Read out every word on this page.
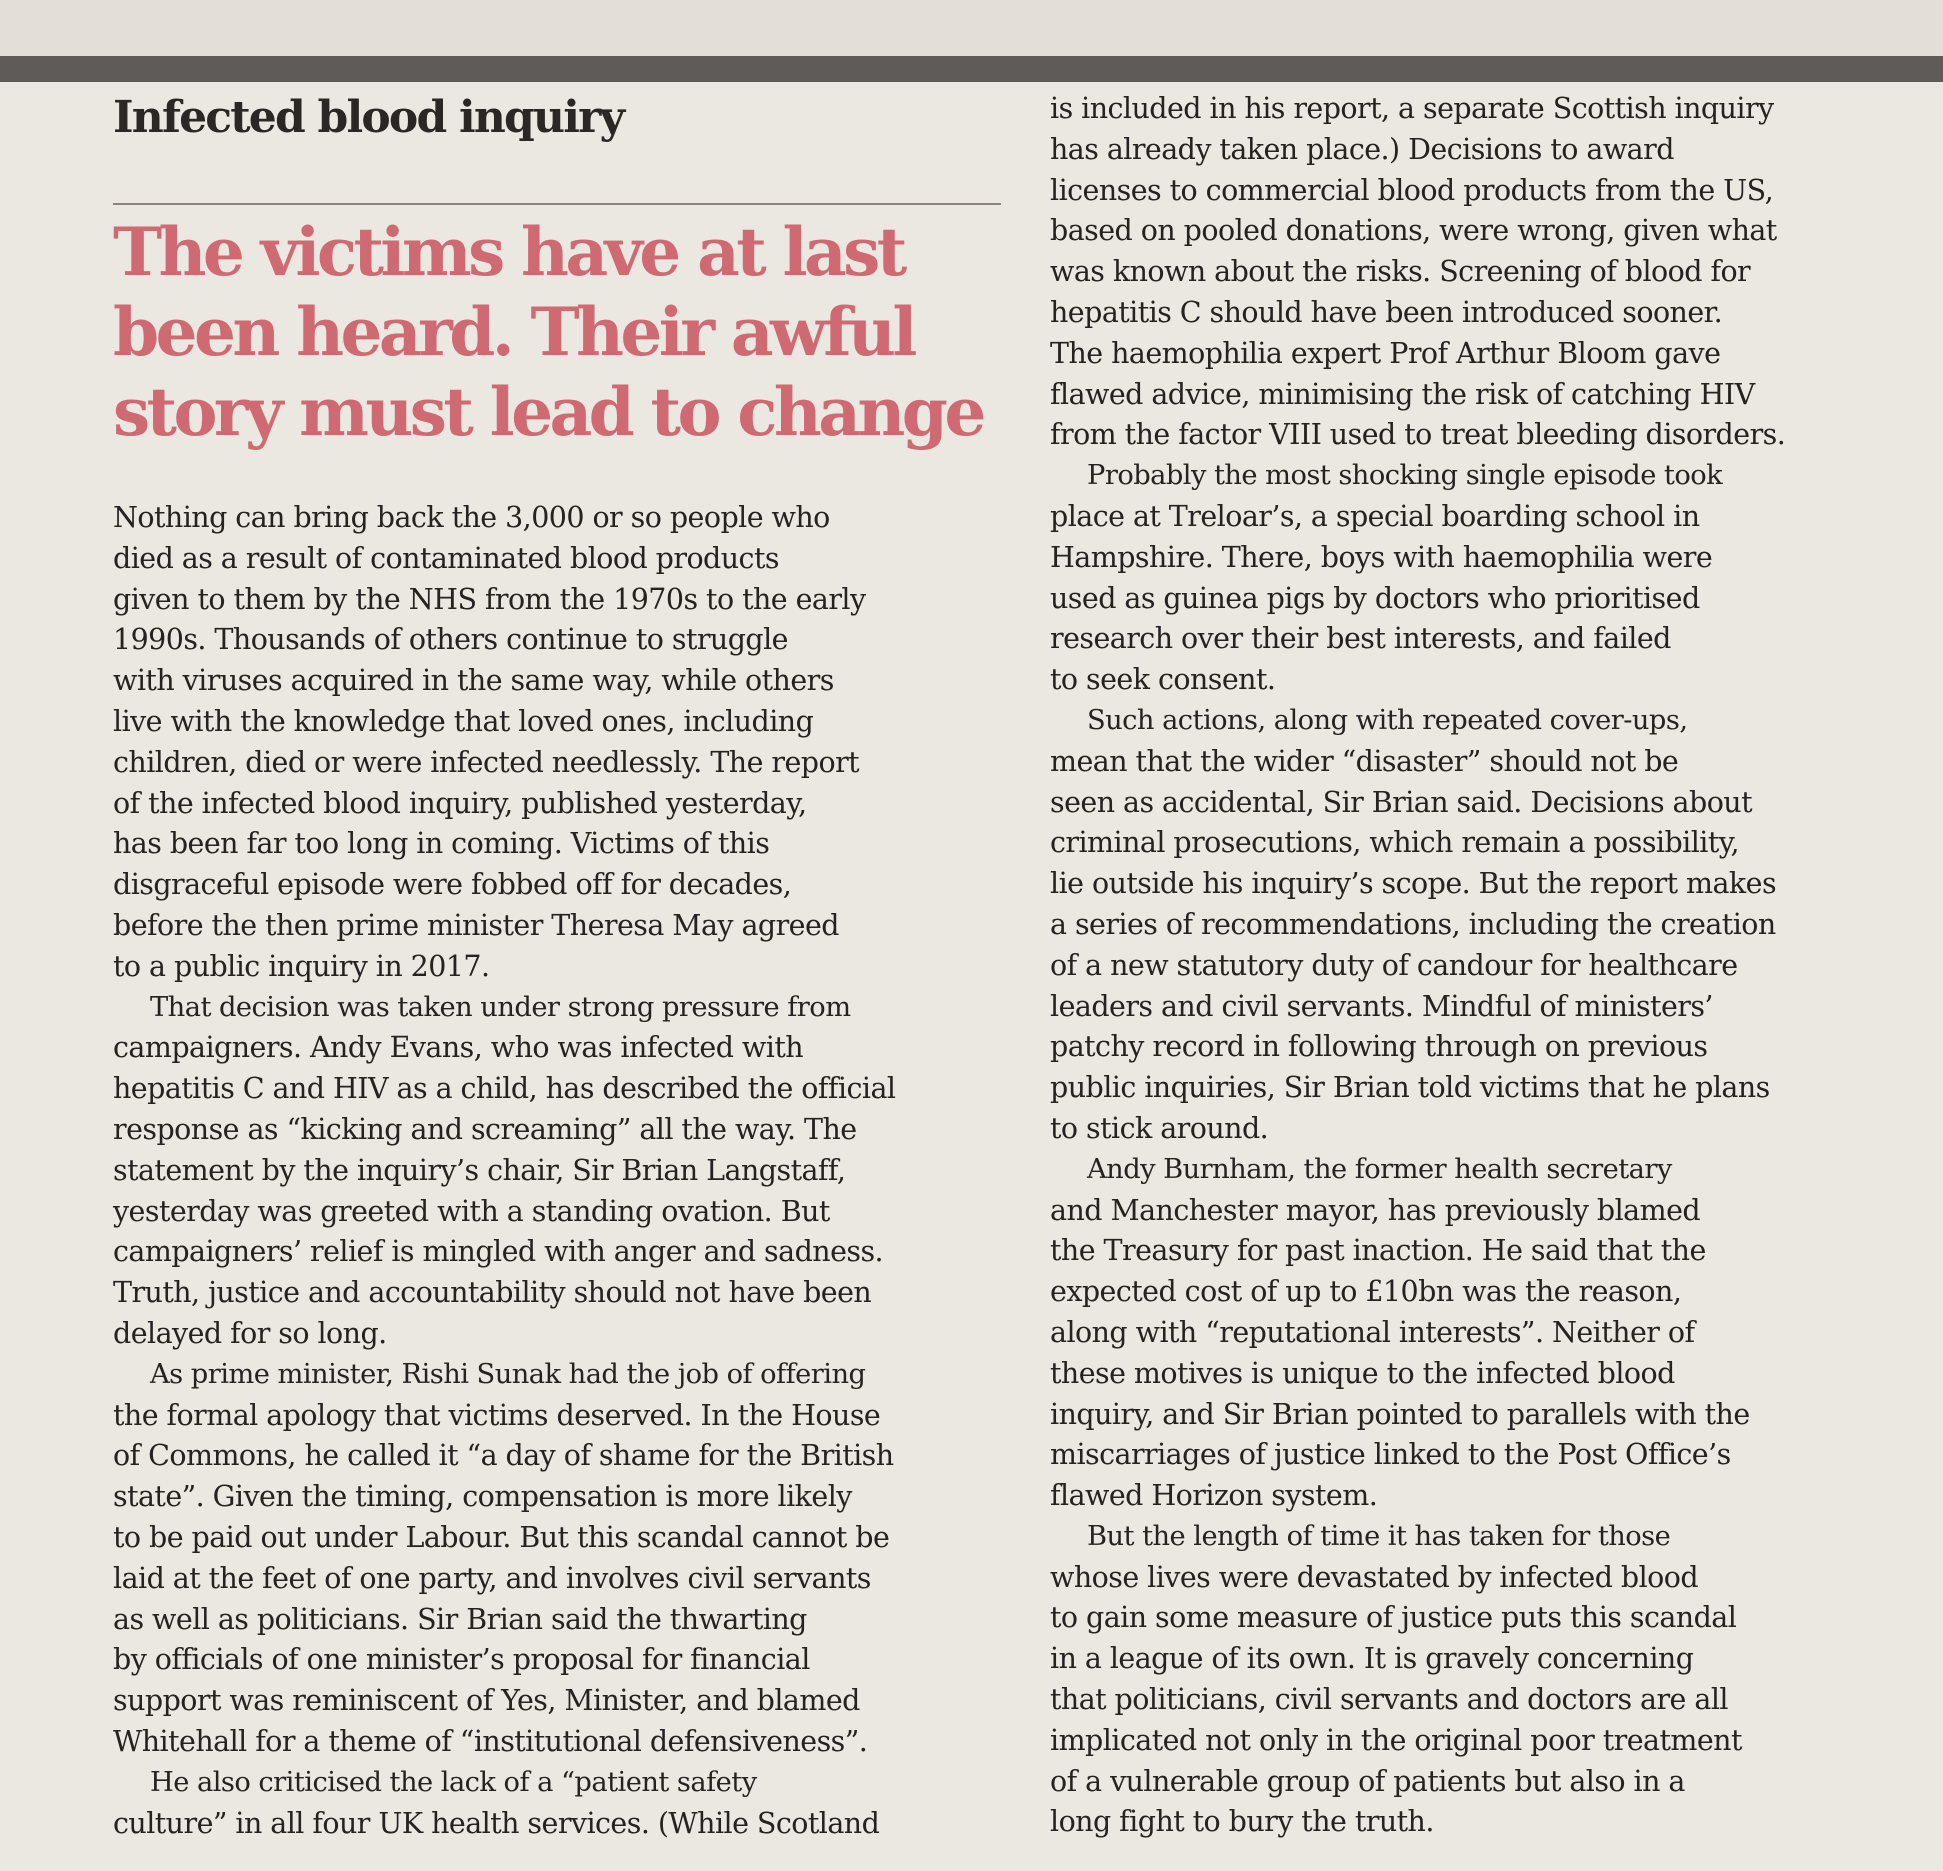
Infected blood inquiry
The victims have at last
been heard. Their awful
story must lead to change

Nothing can bring back the 3,000 or so people who
died as a result of contaminated blood products
given to them by the NHS from the 1970s to the early
1990s. Thousands of others continue to struggle
with viruses acquired in the same way, while others
live with the knowledge that loved ones, including
children, died or were infected needlessly. The report
of the infected blood inquiry, published yesterday,
has been far too long in coming. Victims of this
disgraceful episode were fobbed off for decades,
before the then prime minister Theresa May agreed
to a public inquiry in 2017.

That decision was taken under strong pressure from
campaigners. Andy Evans, who was infected with
hepatitis C and HIV as a child, has described the official
response as “kicking and screaming” all the way. The
statement by the inquiry’s chair, Sir Brian Langstaff,
yesterday was greeted with a standing ovation. But
campaigners’ relief is mingled with anger and sadness.
Truth, justice and accountability should not have been
delayed for so long.

As prime minister, Rishi Sunak had the job of offering
the formal apology that victims deserved. In the House
of Commons, he called it “a day of shame for the British
state”. Given the timing, compensation is more likely
to be paid out under Labour. But this scandal cannot be
laid at the feet of one party, and involves civil servants
as well as politicians. Sir Brian said the thwarting
by officials of one minister’s proposal for financial
support was reminiscent of Yes, Minister, and blamed
Whitehall for a theme of “institutional defensiveness”.

He also criticised the lack of a “patient safety
culture” in all four UK health services. (While Scotland

is included in his report, a separate Scottish inquiry
has already taken place.) Decisions to award
licenses to commercial blood products from the US,
based on pooled donations, were wrong, given what
was known about the risks. Screening of blood for
hepatitis C should have been introduced sooner.
The haemophilia expert Prof Arthur Bloom gave
flawed advice, minimising the risk of catching HIV
from the factor VIII used to treat bleeding disorders.

Probably the most shocking single episode took
place at Treloar’s, a special boarding school in
Hampshire. There, boys with haemophilia were
used as guinea pigs by doctors who prioritised
research over their best interests, and failed
to seek consent.

Such actions, along with repeated cover-ups,
mean that the wider “disaster” should not be
seen as accidental, Sir Brian said. Decisions about
criminal prosecutions, which remain a possibility,
lie outside his inquiry’s scope. But the report makes
a series of recommendations, including the creation
of a new statutory duty of candour for healthcare
leaders and civil servants. Mindful of ministers’
patchy record in following through on previous
public inquiries, Sir Brian told victims that he plans
to stick around.

Andy Burnham, the former health secretary
and Manchester mayor, has previously blamed
the Treasury for past inaction. He said that the
expected cost of up to £10bn was the reason,
along with “reputational interests”. Neither of
these motives is unique to the infected blood
inquiry, and Sir Brian pointed to parallels with the
miscarriages of justice linked to the Post Office’s
flawed Horizon system.

But the length of time it has taken for those
whose lives were devastated by infected blood
to gain some measure of justice puts this scandal
in a league of its own. It is gravely concerning
that politicians, civil servants and doctors are all
implicated not only in the original poor treatment
of a vulnerable group of patients but also in a
long fight to bury the truth.
